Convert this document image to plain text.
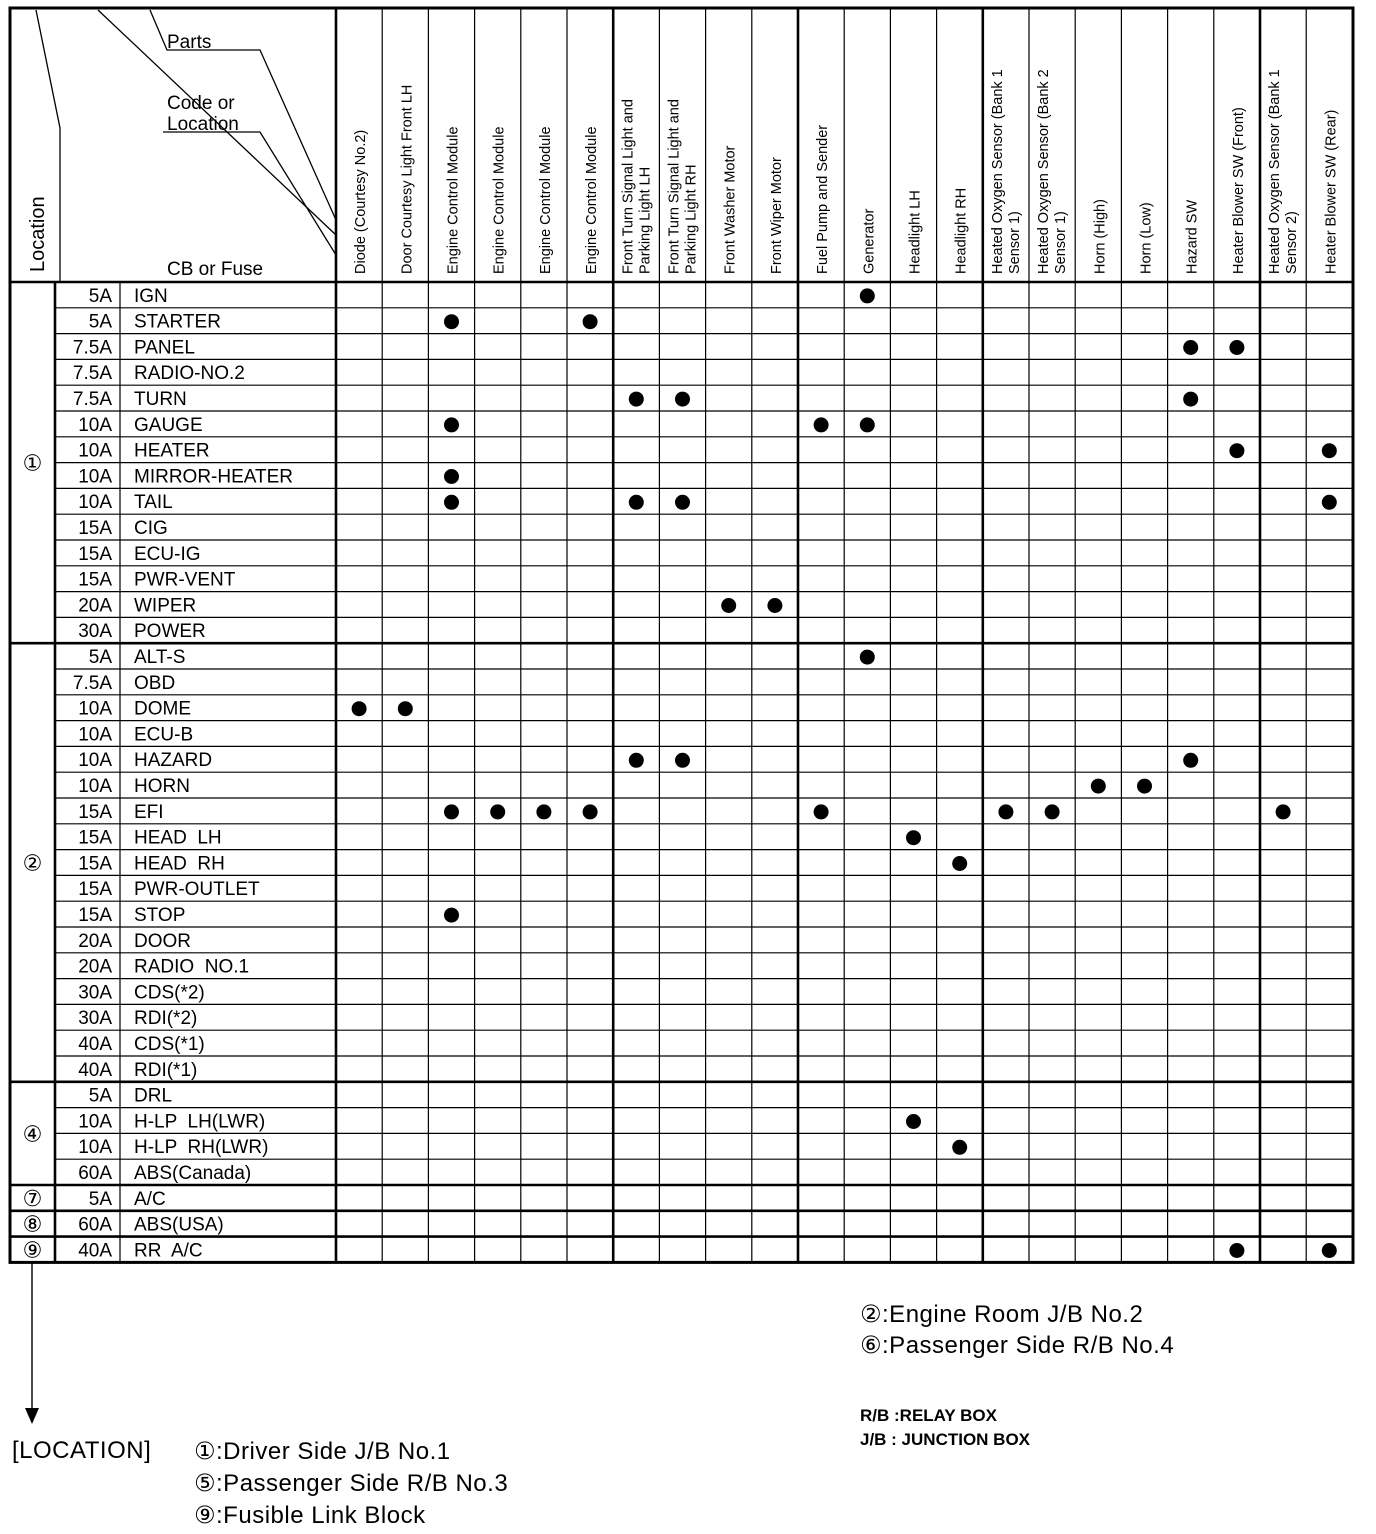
Parts
Code or
Location
CB or Fuse
Location	Diode (Courtesy No.2) Door Courtesy Light Front LH Engine Control Module Engine Control Module Engine Control Module Engine Control Module Front Turn Signal Light and Parking Light LH Front Turn Signal Light and Parking Light RH Front Washer Motor Front Wiper Motor Fuel Pump and Sender Generator Headlight LH Headlight RH Heated Oxygen Sensor (Bank 1 Sensor 1) Heated Oxygen Sensor (Bank 2 Sensor 1) Horn (High) Horn (Low) Hazard SW Heater Blower SW (Front) Heated Oxygen Sensor (Bank 1 Sensor 2) Heater Blower SW (Rear)
①
5A IGN
5A STARTER
7.5A PANEL
7.5A RADIO-NO.2
7.5A TURN
10A GAUGE
10A HEATER
10A MIRROR-HEATER
10A TAIL
15A CIG
15A ECU-IG
15A PWR-VENT
20A WIPER
30A POWER
②
5A ALT-S
7.5A OBD
10A DOME
10A ECU-B
10A HAZARD
10A HORN
15A EFI
15A HEAD  LH
15A HEAD  RH
15A PWR-OUTLET
15A STOP
20A DOOR
20A RADIO  NO.1
30A CDS(*2)
30A RDI(*2)
40A CDS(*1)
40A RDI(*1)
④
5A DRL
10A H-LP  LH(LWR)
10A H-LP  RH(LWR)
60A ABS(Canada)
⑦ 5A A/C
⑧ 60A ABS(USA)
⑨ 40A RR  A/C
②:Engine Room J/B No.2
⑥:Passenger Side R/B No.4
R/B :RELAY BOX
J/B : JUNCTION BOX
[LOCATION] ①:Driver Side J/B No.1
⑤:Passenger Side R/B No.3
⑨:Fusible Link Block
